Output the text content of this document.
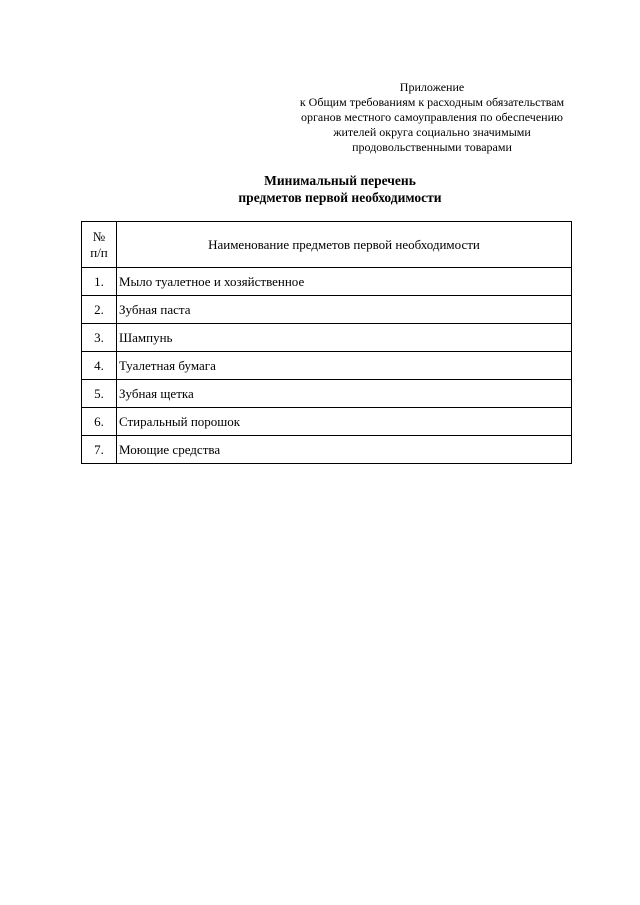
Приложение
к Общим требованиям к расходным обязательствам
органов местного самоуправления по обеспечению
жителей округа социально значимыми
продовольственными товарами
Минимальный перечень
предметов первой необходимости
№
п/п	Наименование предметов первой необходимости
1.	Мыло туалетное и хозяйственное
2.	Зубная паста
3.	Шампунь
4.	Туалетная бумага
5.	Зубная щетка
6.	Стиральный порошок
7.	Моющие средства
